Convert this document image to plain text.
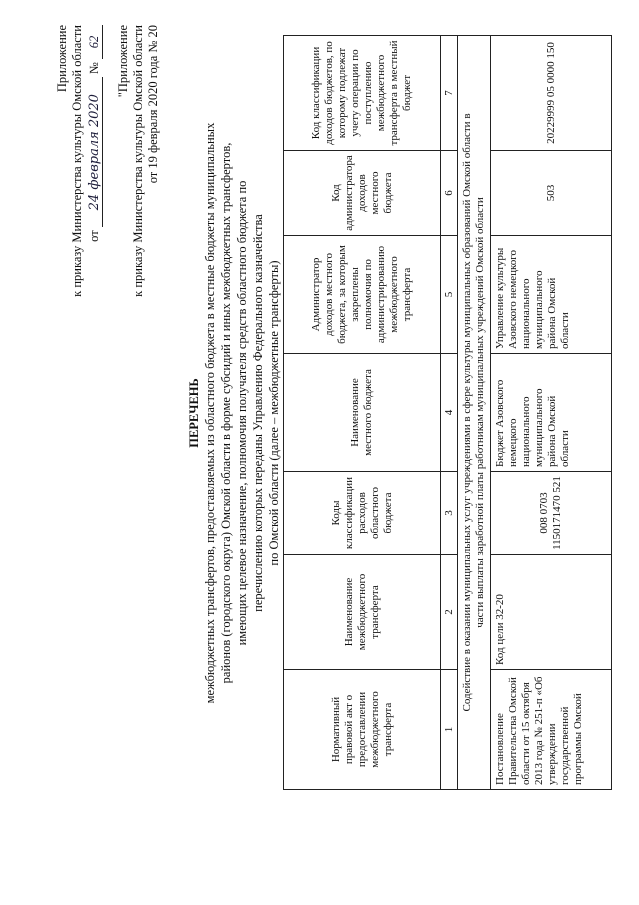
Приложение к приказу Министерства культуры Омской области от 24 февраля 2020 № 62 "Приложение к приказу Министерства культуры Омской области от 19 февраля 2020 года № 20
ПЕРЕЧЕНЬ межбюджетных трансфертов, предоставляемых из областного бюджета в местные бюджеты муниципальных районов (городского округа) Омской области в форме субсидий и иных межбюджетных трансфертов, имеющих целевое назначение, полномочия получателя средств областного бюджета по перечислению которых переданы Управлению Федерального казначейства по Омской области (далее – межбюджетные трансферты)
Нормативный правовой акт о предоставлении межбюджетного трансферта	Наименование межбюджетного трансферта	Коды классификации расходов областного бюджета	Наименование местного бюджета	Администратор доходов местного бюджета, за которым закреплены полномочия по администрированию межбюджетного трансферта	Код администратора доходов местного бюджета	Код классификации доходов бюджетов, по которому подлежат учету операции по поступлению межбюджетного трансферта в местный бюджет
1	2	3	4	5	6	7

Содействие в оказании муниципальных услуг учреждениями в сфере культуры муниципальных образований Омской области в части выплаты заработной платы работникам муниципальных учреждений Омской области						

Постановление Правительства Омской области от 15 октября 2013 года № 251-п «Об утверждении государственной программы Омской	Код цели 32-20	008 0703 1150171470 521	Бюджет Азовского немецкого национального муниципального района Омской области	Управление культуры Азовского немецкого национального муниципального района Омской области	503	20229999 05 0000 150
